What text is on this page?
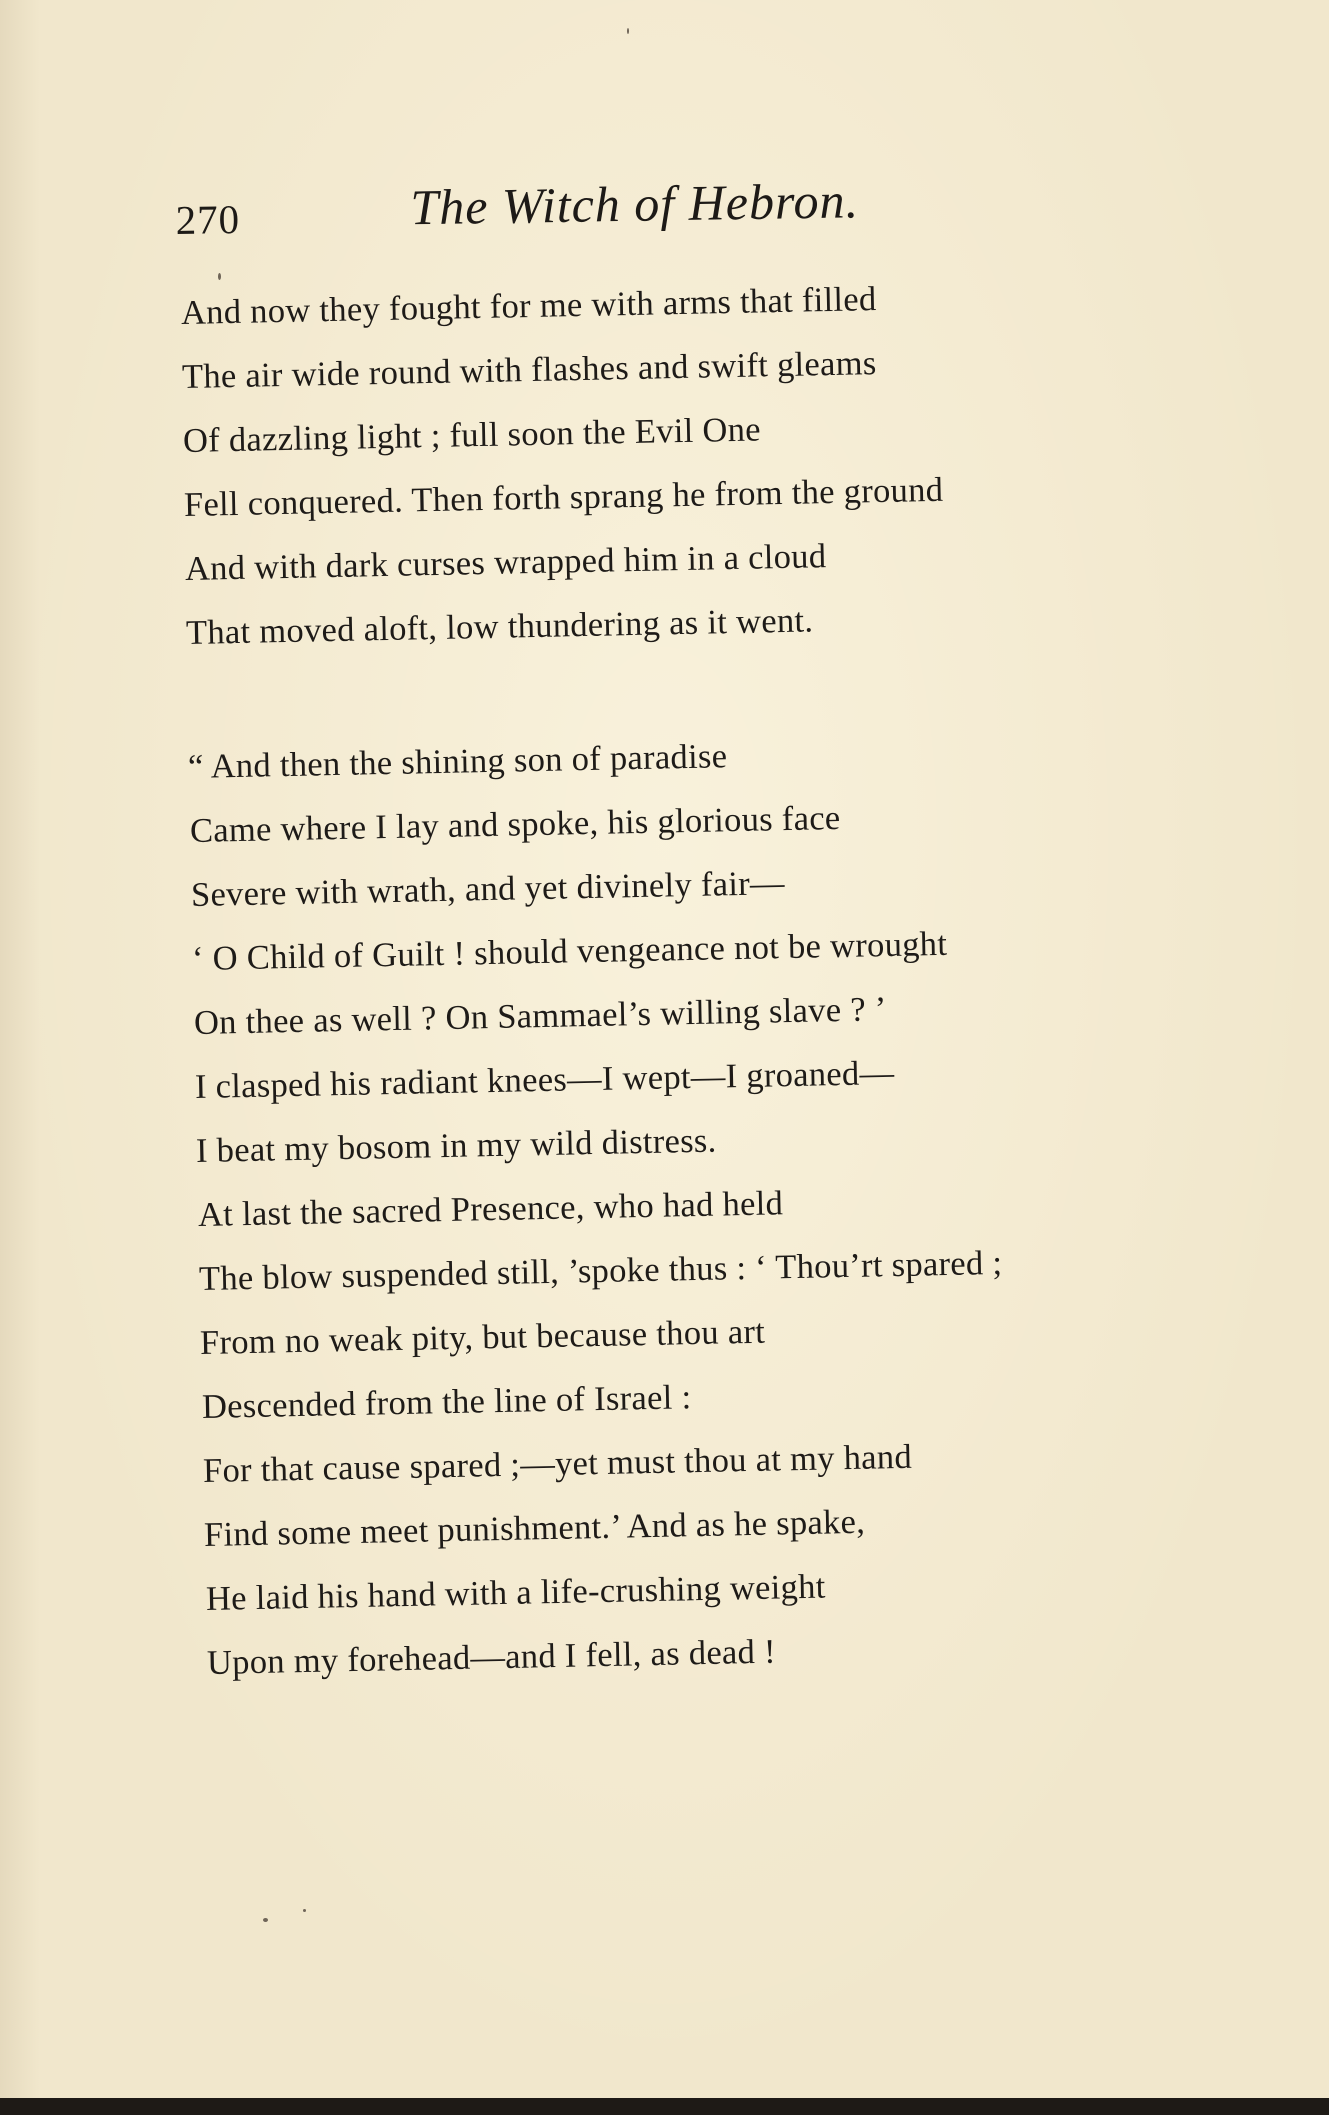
270	The Witch of Hebron.
And now they fought for me with arms that filled
The air wide round with flashes and swift gleams
Of dazzling light ; full soon the Evil One
Fell conquered. Then forth sprang he from the ground
And with dark curses wrapped him in a cloud
That moved aloft, low thundering as it went.
“ And then the shining son of paradise
Came where I lay and spoke, his glorious face
Severe with wrath, and yet divinely fair—
‘ O Child of Guilt ! should vengeance not be wrought
On thee as well ? On Sammael’s willing slave ? ’
I clasped his radiant knees—I wept—I groaned—
I beat my bosom in my wild distress.
At last the sacred Presence, who had held
The blow suspended still, ’spoke thus : ‘ Thou’rt spared ;
From no weak pity, but because thou art
Descended from the line of Israel :
For that cause spared ;—yet must thou at my hand
Find some meet punishment.’ And as he spake,
He laid his hand with a life-crushing weight
Upon my forehead—and I fell, as dead !
